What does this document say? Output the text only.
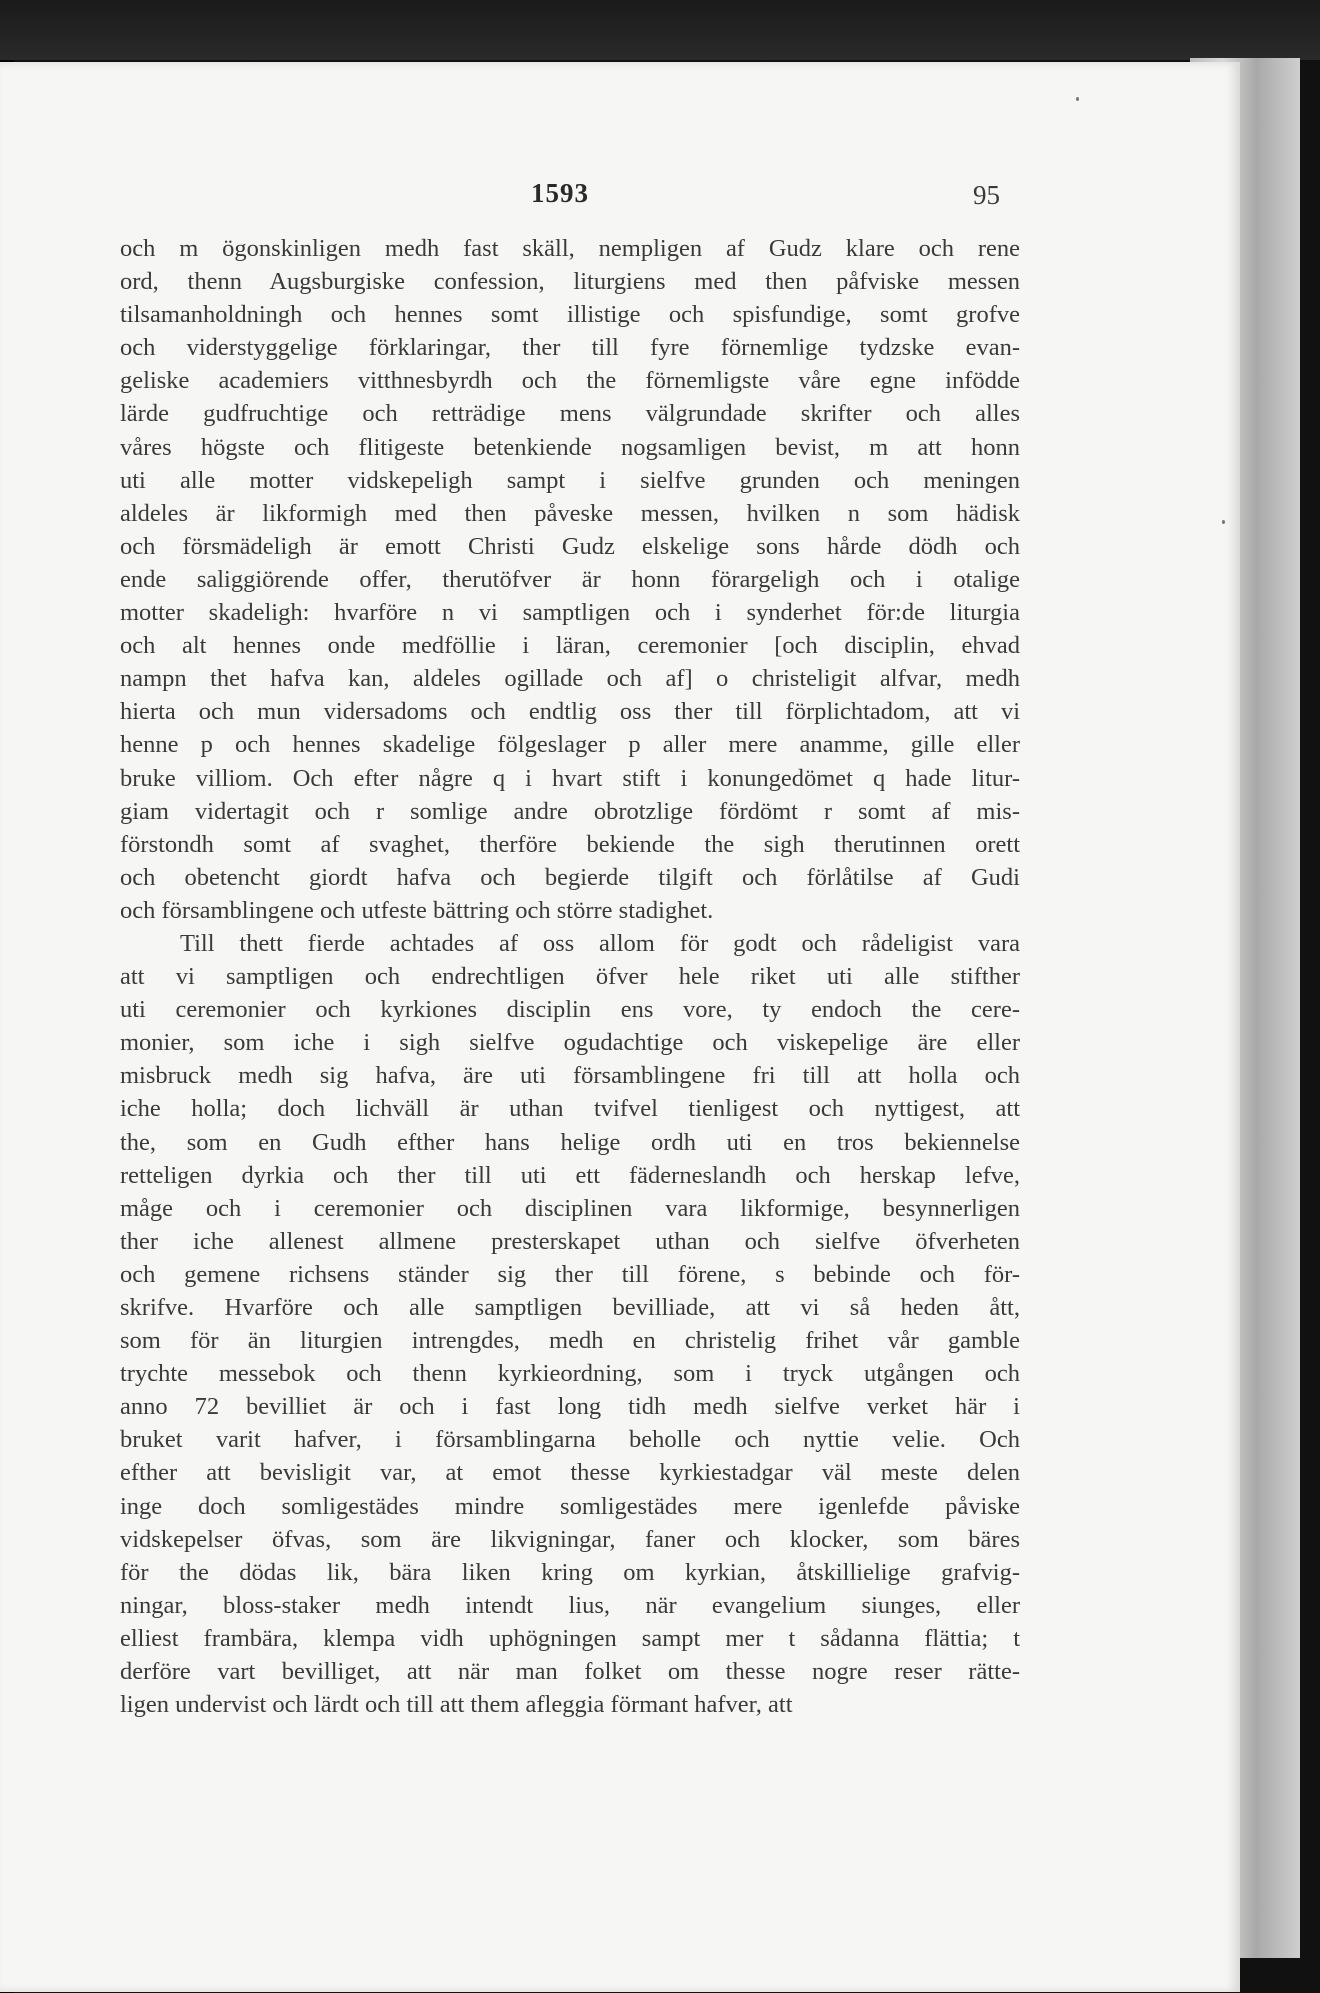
1593	95
och m ögonskinligen medh fast skäll, nempligen af Gudz klare och rene
ord, thenn Augsburgiske confession, liturgiens med then påfviske messen
tilsamanholdningh och hennes somt illistige och spisfundige, somt grofve
och viderstyggelige förklaringar, ther till fyre förnemlige tydzske evan-
geliske academiers vitthnesbyrdh och the förnemligste våre egne infödde
lärde gudfruchtige och retträdige mens välgrundade skrifter och alles
våres högste och flitigeste betenkiende nogsamligen bevist, m att honn
uti alle motter vidskepeligh sampt i sielfve grunden och meningen
aldeles är likformigh med then påveske messen, hvilken n som hädisk
och försmädeligh är emott Christi Gudz elskelige sons hårde dödh och
ende saliggiörende offer, therutöfver är honn förargeligh och i otalige
motter skadeligh: hvarföre n vi samptligen och i synderhet för:de liturgia
och alt hennes onde medföllie i läran, ceremonier [och disciplin, ehvad
nampn thet hafva kan, aldeles ogillade och af] o christeligit alfvar, medh
hierta och mun vidersadoms och endtlig oss ther till förplichtadom, att vi
henne p och hennes skadelige fölgeslager p aller mere anamme, gille eller
bruke villiom. Och efter någre q i hvart stift i konungedömet q hade litur-
giam vidertagit och r somlige andre obrotzlige fördömt r somt af mis-
förstondh somt af svaghet, therföre bekiende the sigh therutinnen orett
och obetencht giordt hafva och begierde tilgift och förlåtilse af Gudi
och församblingene och utfeste bättring och större stadighet.
Till thett fierde achtades af oss allom för godt och rådeligist vara
att vi samptligen och endrechtligen öfver hele riket uti alle stifther
uti ceremonier och kyrkiones disciplin ens vore, ty endoch the cere-
monier, som iche i sigh sielfve ogudachtige och viskepelige äre eller
misbruck medh sig hafva, äre uti församblingene fri till att holla och
iche holla; doch lichväll är uthan tvifvel tienligest och nyttigest, att
the, som en Gudh efther hans helige ordh uti en tros bekiennelse
retteligen dyrkia och ther till uti ett fäderneslandh och herskap lefve,
måge och i ceremonier och disciplinen vara likformige, besynnerligen
ther iche allenest allmene presterskapet uthan och sielfve öfverheten
och gemene richsens ständer sig ther till förene, s bebinde och för-
skrifve. Hvarföre och alle samptligen bevilliade, att vi så heden ått,
som för än liturgien intrengdes, medh en christelig frihet vår gamble
trychte messebok och thenn kyrkieordning, som i tryck utgången och
anno 72 bevilliet är och i fast long tidh medh sielfve verket här i
bruket varit hafver, i församblingarna beholle och nyttie velie. Och
efther att bevisligit var, at emot thesse kyrkiestadgar väl meste delen
inge doch somligestädes mindre somligestädes mere igenlefde påviske
vidskepelser öfvas, som äre likvigningar, faner och klocker, som bäres
för the dödas lik, bära liken kring om kyrkian, åtskillielige grafvig-
ningar, bloss-staker medh intendt lius, när evangelium siunges, eller
elliest frambära, klempa vidh uphögningen sampt mer t sådanna flättia; t
derföre vart bevilliget, att när man folket om thesse nogre reser rätte-
ligen undervist och lärdt och till att them afleggia förmant hafver, att
